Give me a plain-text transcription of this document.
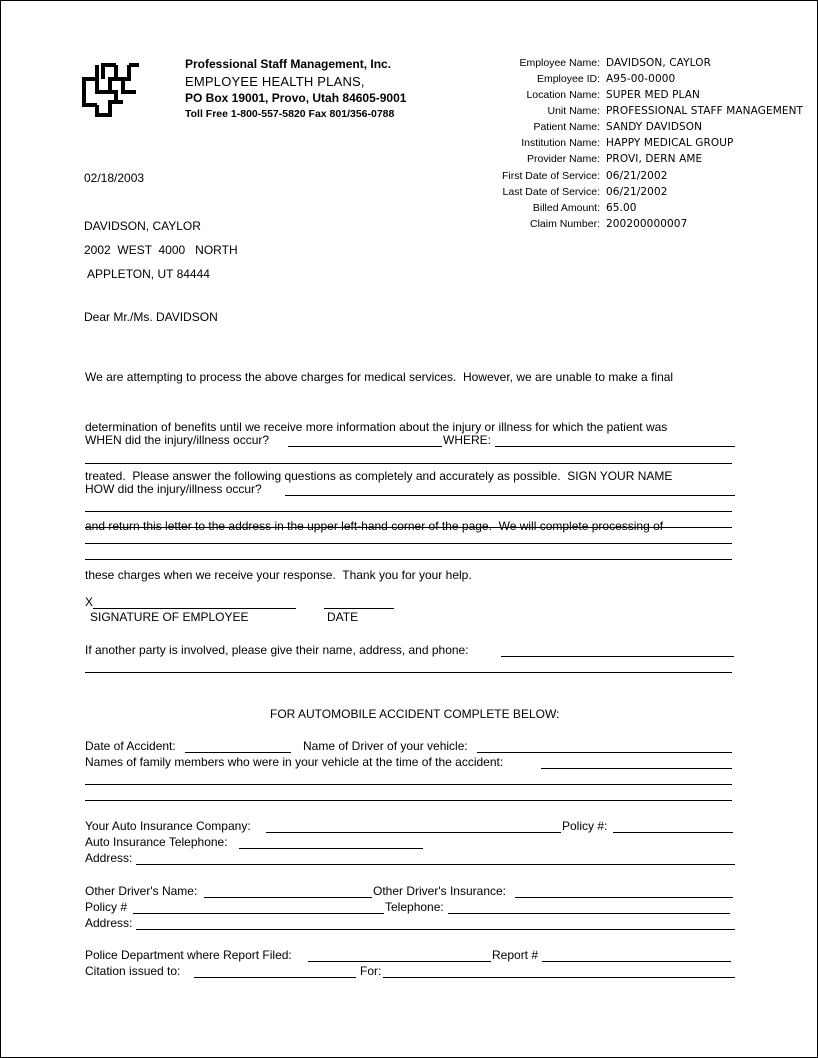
Professional Staff Management, Inc.
EMPLOYEE HEALTH PLANS,
PO Box 19001, Provo, Utah 84605-9001
Toll Free 1-800-557-5820 Fax 801/356-0788
Employee Name: DAVIDSON, CAYLOR
Employee ID: A95-00-0000
Location Name: SUPER MED PLAN
Unit Name: PROFESSIONAL STAFF MANAGEMENT
Patient Name: SANDY DAVIDSON
Institution Name: HAPPY MEDICAL GROUP
Provider Name: PROVI, DERN AME
First Date of Service: 06/21/2002
Last Date of Service: 06/21/2002
Billed Amount: 65.00
Claim Number: 200200000007
02/18/2003
DAVIDSON, CAYLOR
2002  WEST  4000   NORTH
APPLETON, UT 84444
Dear Mr./Ms. DAVIDSON

We are attempting to process the above charges for medical services.  However, we are unable to make a final

determination of benefits until we receive more information about the injury or illness for which the patient was

treated.  Please answer the following questions as completely and accurately as possible.  SIGN YOUR NAME

and return this letter to the address in the upper left-hand corner of the page.  We will complete processing of

these charges when we receive your response.  Thank you for your help.

WHEN did the injury/illness occur?	WHERE:
HOW did the injury/illness occur?
X
SIGNATURE OF EMPLOYEE	DATE
If another party is involved, please give their name, address, and phone:
FOR AUTOMOBILE ACCIDENT COMPLETE BELOW:
Date of Accident:	Name of Driver of your vehicle:
Names of family members who were in your vehicle at the time of the accident:
Your Auto Insurance Company:	Policy #:
Auto Insurance Telephone:
Address:
Other Driver's Name:	Other Driver's Insurance:
Policy #	Telephone:
Address:
Police Department where Report Filed:	Report #
Citation issued to:	For:
